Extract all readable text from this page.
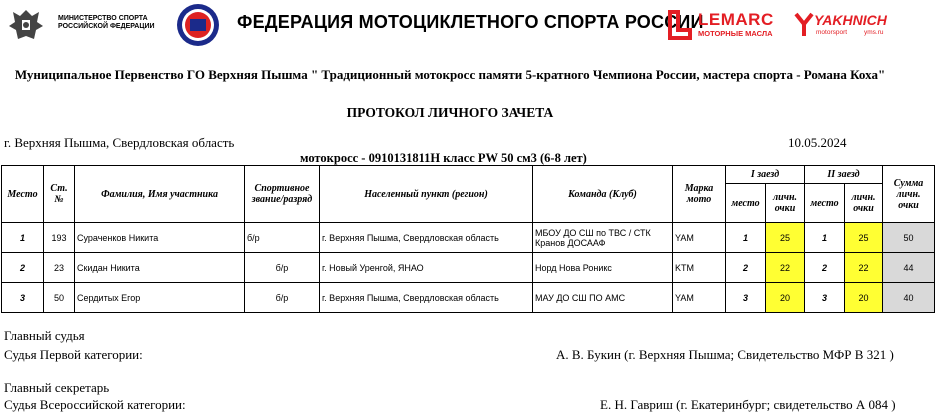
МИНИСТЕРСТВО СПОРТА
РОССИЙСКОЙ ФЕДЕРАЦИИ	ФЕДЕРАЦИЯ МОТОЦИКЛЕТНОГО СПОРТА РОССИИ
LEMARC
МОТОРНЫЕ МАСЛА
YAKHNICH
motorsport	yms.ru
Муниципальное Первенство ГО Верхняя Пышма " Традиционный мотокросс памяти 5-кратного Чемпиона России, мастера спорта - Романа Коха"
ПРОТОКОЛ ЛИЧНОГО ЗАЧЕТА
г. Верхняя Пышма, Свердловская область	10.05.2024
мотокросс - 0910131811Н класс PW 50 см3 (6-8 лет)
Место	Ст. №	Фамилия, Имя участника	Спортивное звание/разряд	Населенный пункт (регион)	Команда (Клуб)	Марка мото	I заезд		II заезд		Сумма личн. очки
							место	личн. очки	место	личн. очки	
1	193	Сураченков Никита	б/р	г. Верхняя Пышма, Свердловская область	МБОУ ДО СШ по ТВС / СТК Кранов ДОСААФ	YAM	1	25	1	25	50
2	23	Скидан Никита	б/р	г. Новый Уренгой, ЯНАО	Норд Нова Роникс	KTM	2	22	2	22	44
3	50	Сердитых Егор	б/р	г. Верхняя Пышма, Свердловская область	МАУ ДО СШ ПО АМС	YAM	3	20	3	20	40
Главный судья
Судья Первой категории:	А. В. Букин (г. Верхняя Пышма; Свидетельство МФР В 321 )
Главный секретарь
Судья Всероссийской категории:	Е. Н. Гавриш (г. Екатеринбург; свидетельство А 084 )
